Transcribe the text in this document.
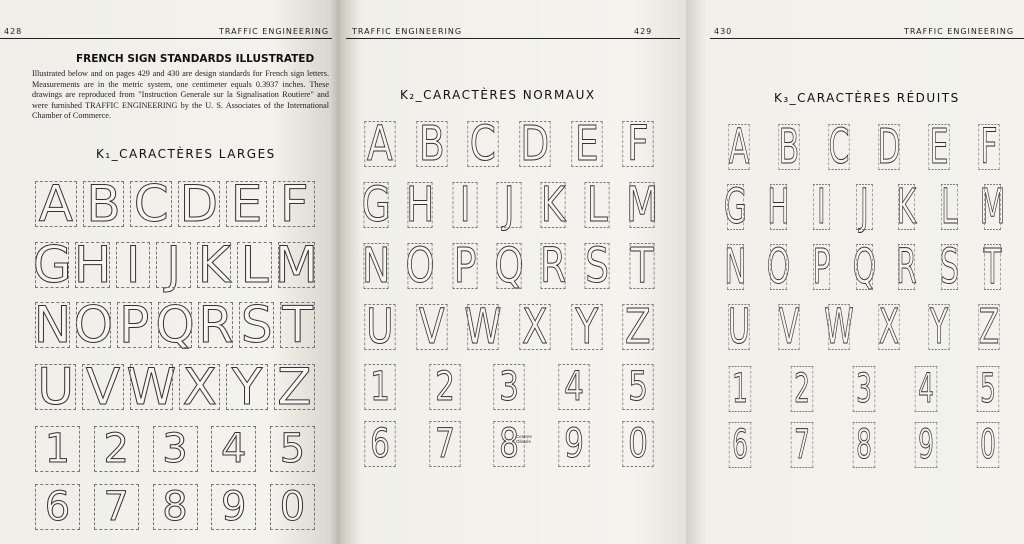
428	TRAFFIC ENGINEERING
FRENCH SIGN STANDARDS ILLUSTRATED
Illustrated below and on pages 429 and 430 are design standards for French sign letters. Measurements are in the metric system, one centimeter equals 0.3937 inches. These drawings are reproduced from "Instruction Generale sur la Signalisation Routiere" and were furnished TRAFFIC ENGINEERING by the U. S. Associates of the International Chamber of Commerce.
K₁_CARACTÈRES LARGES
A B C D E F
G H I J K L M
N O P Q R S T
U V W X Y Z
1 2 3 4 5
6 7 8 9 0
TRAFFIC ENGINEERING	429
K₂_CARACTÈRES NORMAUX
A B C D E F
G H I J K L M
N O P Q R S T
U V W X Y Z
1 2 3 4 5
6 7 8 9 0
Centres Glissés
430	TRAFFIC ENGINEERING
K₃_CARACTÈRES RÉDUITS
A B C D E F
G H I J K L M
N O P Q R S T
U V W X Y Z
1 2 3 4 5
6 7 8 9 0
